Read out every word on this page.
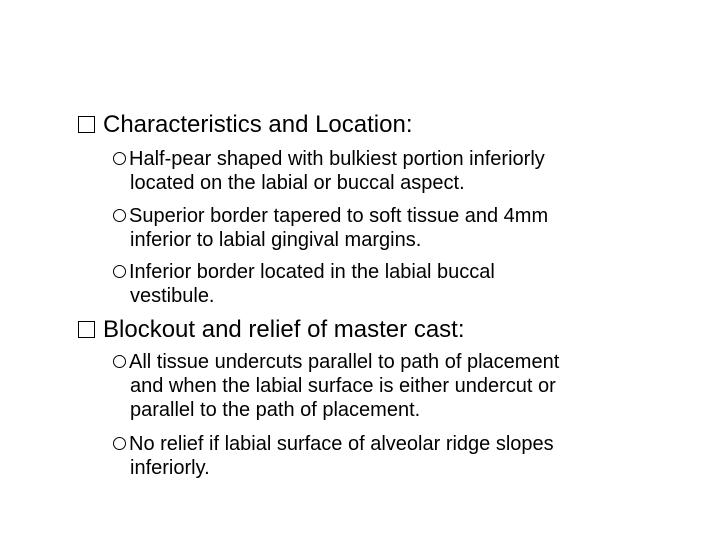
Characteristics and Location:
Half-pear shaped with bulkiest portion inferiorly
located on the labial or buccal aspect.
Superior border tapered to soft tissue and 4mm
inferior to labial gingival margins.
Inferior border located in the labial buccal
vestibule.
Blockout and relief of master cast:
All tissue undercuts parallel to path of placement
and when the labial surface is either undercut or
parallel to the path of placement.
No relief if labial surface of alveolar ridge slopes
inferiorly.
